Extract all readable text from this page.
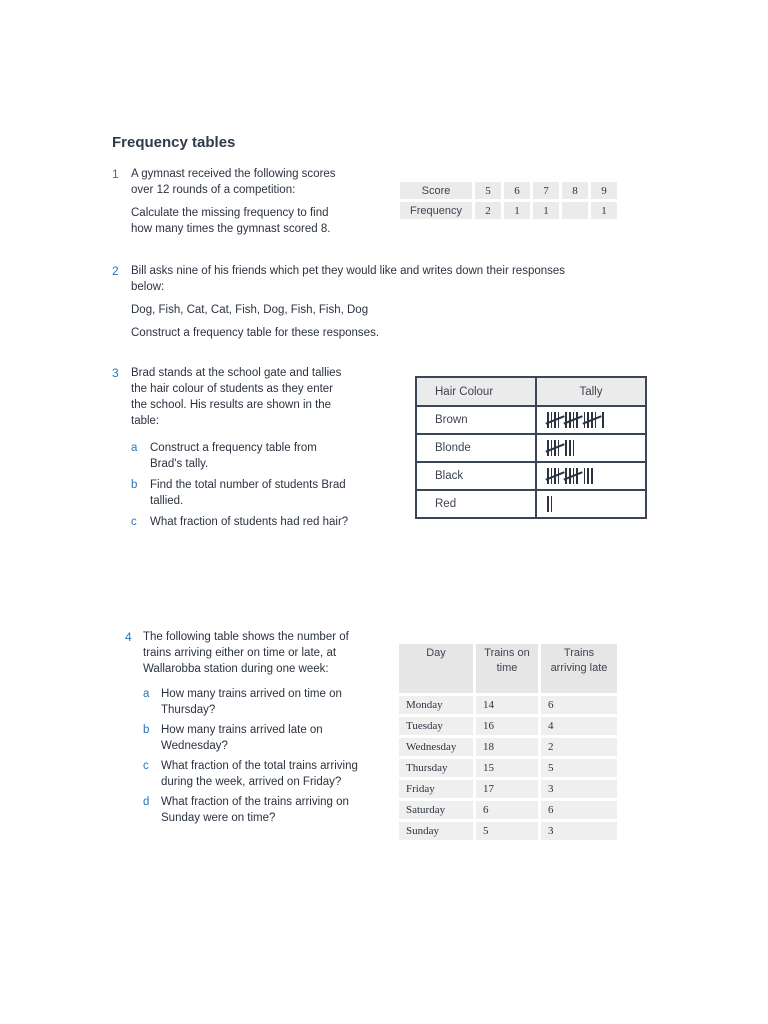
Frequency tables
1 A gymnast received the following scores
over 12 rounds of a competition:
Calculate the missing frequency to find
how many times the gymnast scored 8.
Score	5	6	7	8	9
Frequency	2	1	1		1
2 Bill asks nine of his friends which pet they would like and writes down their responses
below:
Dog, Fish, Cat, Cat, Fish, Dog, Fish, Fish, Dog
Construct a frequency table for these responses.
3 Brad stands at the school gate and tallies
the hair colour of students as they enter
the school. His results are shown in the
table:
a	Construct a frequency table from
Brad's tally.
b	Find the total number of students Brad
tallied.
c	What fraction of students had red hair?
Hair Colour	Tally
Brown	

Blonde	

Black	

Red	
4 The following table shows the number of
trains arriving either on time or late, at
Wallarobba station during one week:
a	How many trains arrived on time on
Thursday?
b	How many trains arrived late on
Wednesday?
c	What fraction of the total trains arriving
during the week, arrived on Friday?
d	What fraction of the trains arriving on
Sunday were on time?
Day	Trains on time	Trains arriving late
Monday	14	6
Tuesday	16	4
Wednesday	18	2
Thursday	15	5
Friday	17	3
Saturday	6	6
Sunday	5	3
